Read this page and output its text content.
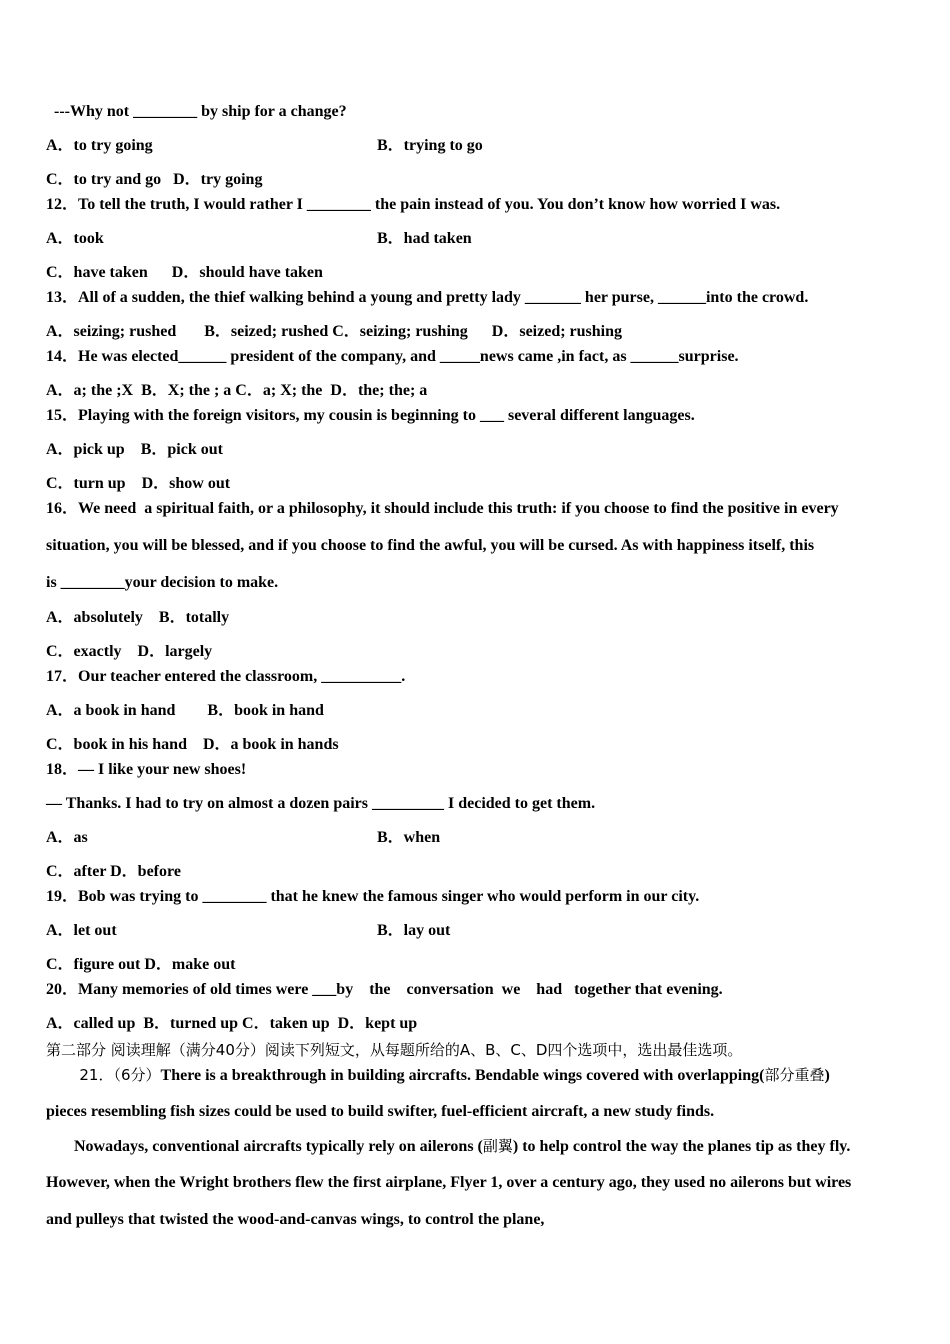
---Why not ________ by ship for a change?
A．to try going	B．trying to go
C．to try and go   D．try going
12．To tell the truth, I would rather I ________ the pain instead of you. You don’t know how worried I was.
A．took	B．had taken
C．have taken      D．should have taken
13．All of a sudden, the thief walking behind a young and pretty lady _______ her purse, ______into the crowd.
A．seizing; rushed       B．seized; rushed C．seizing; rushing      D．seized; rushing
14．He was elected______ president of the company, and _____news came ,in fact, as ______surprise.
A．a; the ;X  B．X; the ; a C．a; X; the  D．the; the; a
15．Playing with the foreign visitors, my cousin is beginning to ___ several different languages.
A．pick up    B．pick out
C．turn up    D．show out
16．We need  a spiritual faith, or a philosophy, it should include this truth: if you choose to find the positive in every
situation, you will be blessed, and if you choose to find the awful, you will be cursed. As with happiness itself, this
is ________your decision to make.
A．absolutely    B．totally
C．exactly    D．largely
17．Our teacher entered the classroom, __________.
A．a book in hand        B．book in hand
C．book in his hand    D．a book in hands
18．— I like your new shoes!
— Thanks. I had to try on almost a dozen pairs _________ I decided to get them.
A．as	B．when
C．after D．before
19．Bob was trying to ________ that he knew the famous singer who would perform in our city.
A．let out	B．lay out
C．figure out D．make out
20．Many memories of old times were ___by    the    conversation  we    had   together that evening.
A．called up  B．turned up C．taken up  D．kept up
第二部分 阅读理解（满分40分）阅读下列短文，从每题所给的A、B、C、D四个选项中，选出最佳选项。
21．（6分）There is a breakthrough in building aircrafts. Bendable wings covered with overlapping(部分重叠)
pieces resembling fish sizes could be used to build swifter, fuel-efficient aircraft, a new study finds.
Nowadays, conventional aircrafts typically rely on ailerons (副翼) to help control the way the planes tip as they fly.
However, when the Wright brothers flew the first airplane, Flyer 1, over a century ago, they used no ailerons but wires
and pulleys that twisted the wood-and-canvas wings, to control the plane,
